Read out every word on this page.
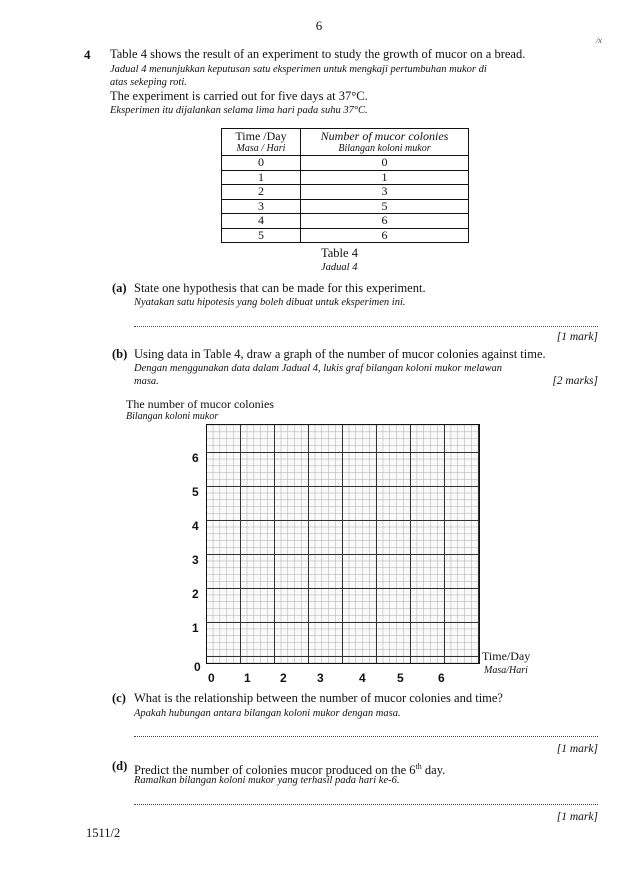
6
/x
4 Table 4 shows the result of an experiment to study the growth of mucor on a bread.
Jadual 4 menunjukkan keputusan satu eksperimen untuk mengkaji pertumbuhan mukor di
atas sekeping roti.
The experiment is carried out for five days at 37°C.
Eksperimen itu dijalankan selama lima hari pada suhu 37°C.
Time /Day
Masa / Hari	Number of mucor colonies
Bilangan koloni mukor

0	0
1	1
2	3
3	5
4	6
5	6
Table 4
Jadual 4
(a) State one hypothesis that can be made for this experiment.
Nyatakan satu hipotesis yang boleh dibuat untuk eksperimen ini.
[1 mark]
(b) Using data in Table 4, draw a graph of the number of mucor colonies against time.
Dengan menggunakan data dalam Jadual 4, lukis graf bilangan koloni mukor melawan
masa.	[2 marks]
The number of mucor colonies
Bilangan koloni mukor
6
5
4
3
2
1
0
0 1 2	3	4	5	6
Time/Day
Masa/Hari
(c) What is the relationship between the number of mucor colonies and time?
Apakah hubungan antara bilangan koloni mukor dengan masa.
[1 mark]
(d) Predict the number of colonies mucor produced on the 6th day.
Ramalkan bilangan koloni mukor yang terhasil pada hari ke-6.
[1 mark]
1511/2
